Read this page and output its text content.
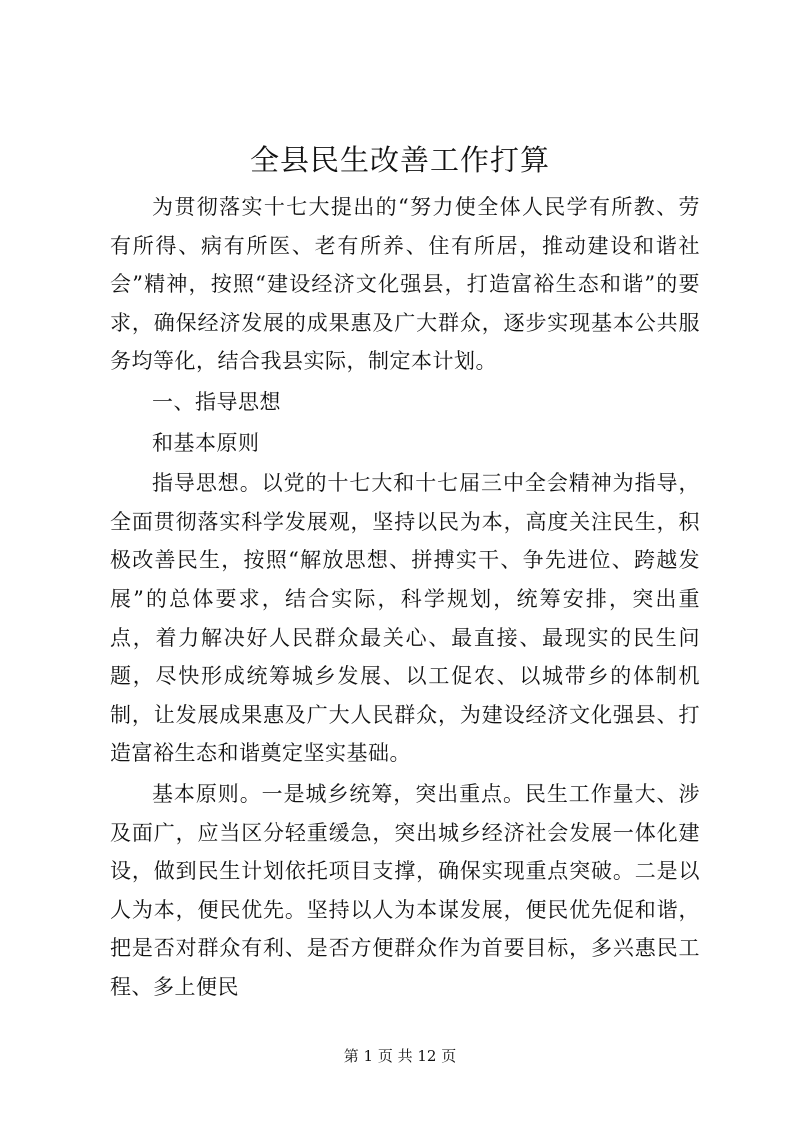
全县民生改善工作打算

为贯彻落实十七大提出的“努力使全体人民学有所教、劳有所得、病有所医、老有所养、住有所居，推动建设和谐社会”精神，按照“建设经济文化强县，打造富裕生态和谐”的要求，确保经济发展的成果惠及广大群众，逐步实现基本公共服务均等化，结合我县实际，制定本计划。

一、指导思想

和基本原则

指导思想。以党的十七大和十七届三中全会精神为指导，全面贯彻落实科学发展观，坚持以民为本，高度关注民生，积极改善民生，按照“解放思想、拼搏实干、争先进位、跨越发展”的总体要求，结合实际，科学规划，统筹安排，突出重点，着力解决好人民群众最关心、最直接、最现实的民生问题，尽快形成统筹城乡发展、以工促农、以城带乡的体制机制，让发展成果惠及广大人民群众，为建设经济文化强县、打造富裕生态和谐奠定坚实基础。

基本原则。一是城乡统筹，突出重点。民生工作量大、涉及面广，应当区分轻重缓急，突出城乡经济社会发展一体化建设，做到民生计划依托项目支撑，确保实现重点突破。二是以人为本，便民优先。坚持以人为本谋发展，便民优先促和谐，把是否对群众有利、是否方便群众作为首要目标，多兴惠民工程、多上便民

第 1 页 共 12 页
